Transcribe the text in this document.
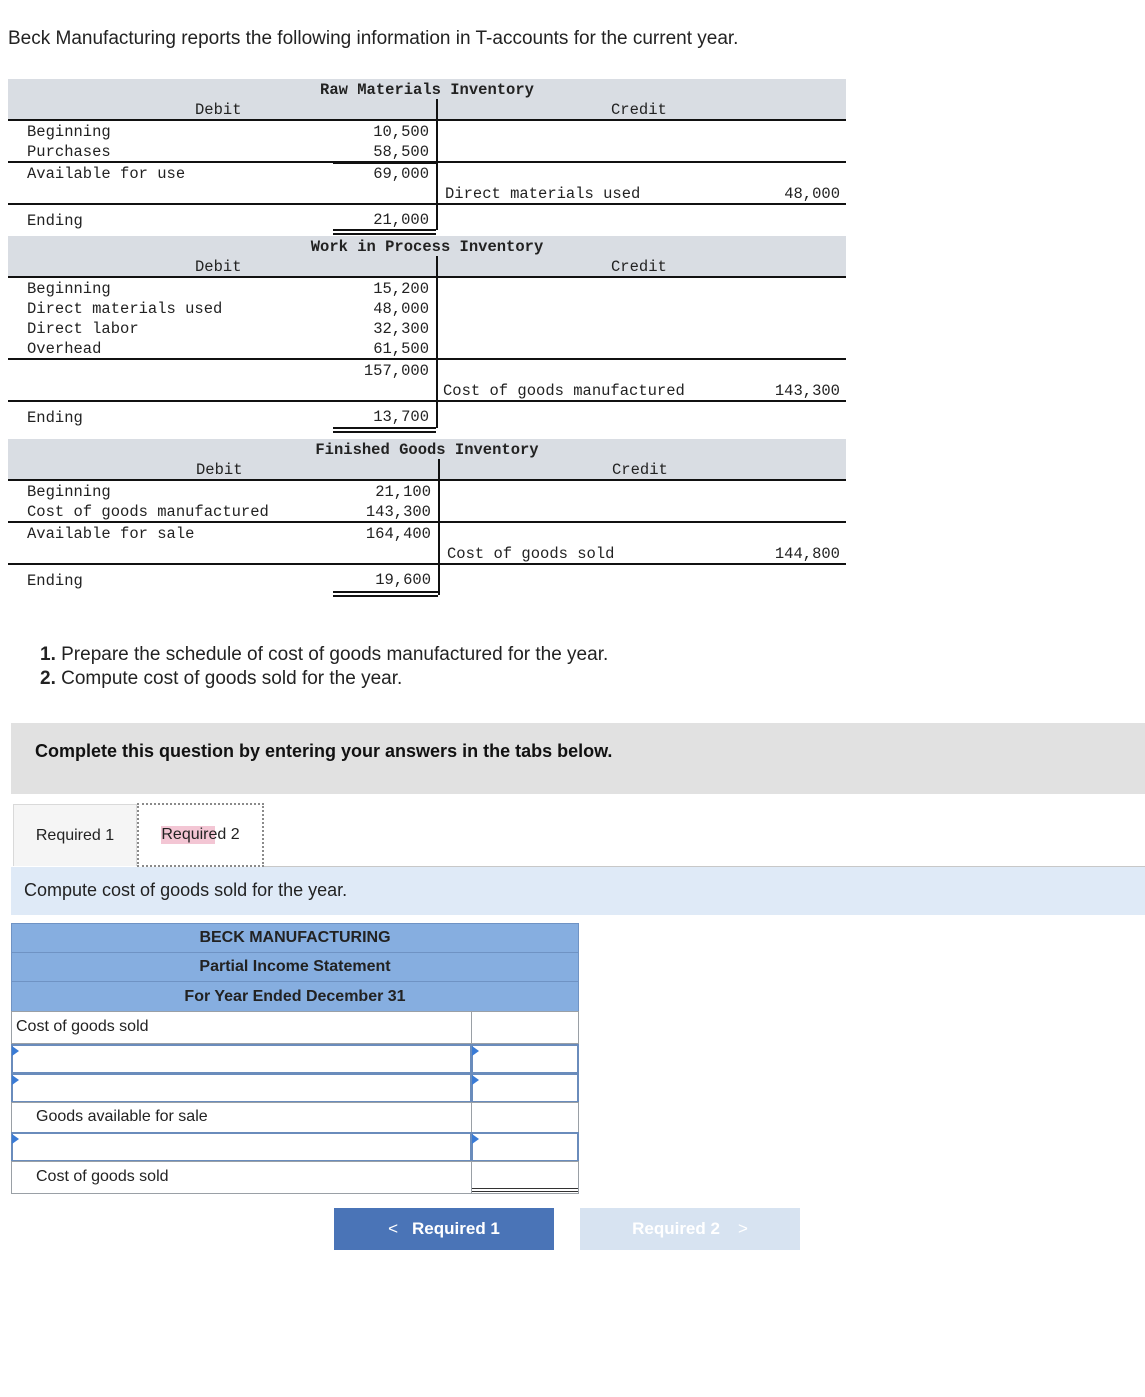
Beck Manufacturing reports the following information in T-accounts for the current year.
Raw Materials Inventory
Debit	Credit
Beginning	10,500
Purchases	58,500
Available for use	69,000
Direct materials used	48,000
Ending	21,000
Work in Process Inventory
Debit	Credit
Beginning	15,200
Direct materials used	48,000
Direct labor	32,300
Overhead	61,500
157,000
Cost of goods manufactured	143,300
Ending	13,700
Finished Goods Inventory
Debit	Credit
Beginning	21,100
Cost of goods manufactured	143,300
Available for sale	164,400
Cost of goods sold	144,800
Ending	19,600
1. Prepare the schedule of cost of goods manufactured for the year.
2. Compute cost of goods sold for the year.
Complete this question by entering your answers in the tabs below.
Required 1	Required 2
Compute cost of goods sold for the year.
BECK MANUFACTURING
Partial Income Statement
For Year Ended December 31
Cost of goods sold
Goods available for sale
Cost of goods sold
< Required 1	Required 2 >
